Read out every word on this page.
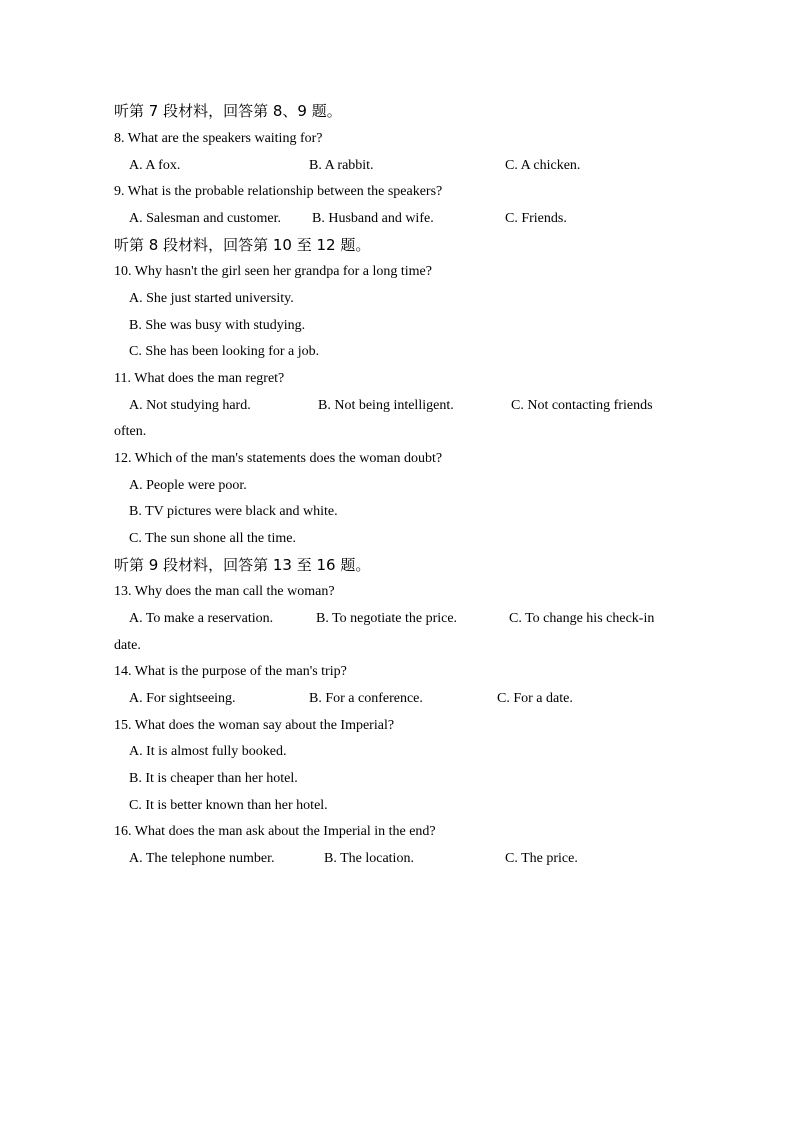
听第 7 段材料，回答第 8、9 题。
8. What are the speakers waiting for?
A. A fox.	B. A rabbit.	C. A chicken.
9. What is the probable relationship between the speakers?
A. Salesman and customer. B. Husband and wife.	C. Friends.
听第 8 段材料，回答第 10 至 12 题。
10. Why hasn't the girl seen her grandpa for a long time?
A. She just started university.
B. She was busy with studying.
C. She has been looking for a job.
11. What does the man regret?
A. Not studying hard.	B. Not being intelligent.	C. Not contacting friends
often.
12. Which of the man's statements does the woman doubt?
A. People were poor.
B. TV pictures were black and white.
C. The sun shone all the time.
听第 9 段材料，回答第 13 至 16 题。
13. Why does the man call the woman?
A. To make a reservation.	B. To negotiate the price.	C. To change his check-in
date.
14. What is the purpose of the man's trip?
A. For sightseeing.	B. For a conference.	C. For a date.
15. What does the woman say about the Imperial?
A. It is almost fully booked.
B. It is cheaper than her hotel.
C. It is better known than her hotel.
16. What does the man ask about the Imperial in the end?
A. The telephone number.	B. The location.	C. The price.
